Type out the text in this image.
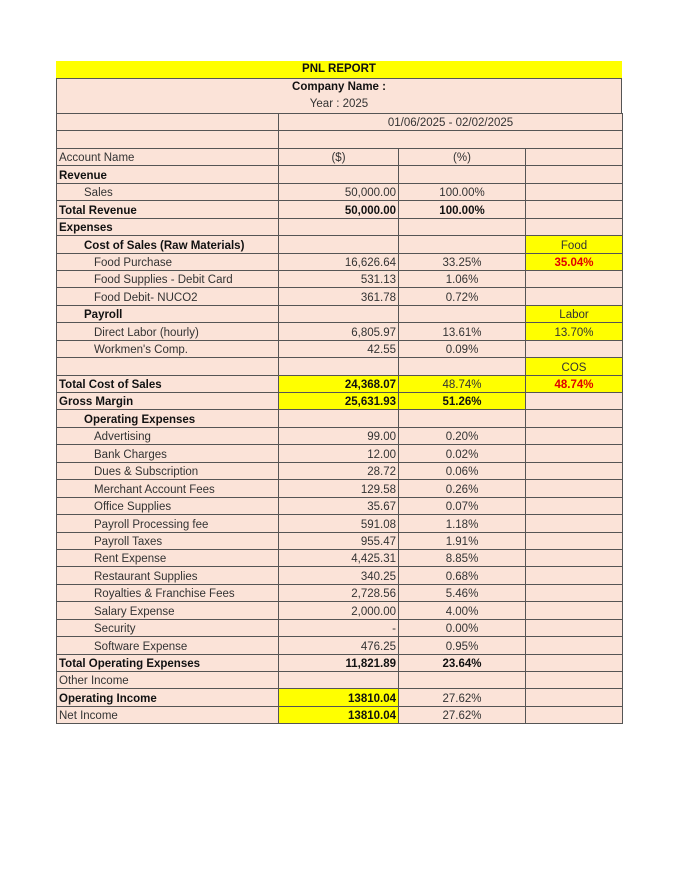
PNL REPORT
Company Name :
Year : 2025
	01/06/2025 - 02/02/2025		

Account Name	($)	(%)	
Revenue			
Sales	50,000.00	100.00%	
Total Revenue	50,000.00	100.00%	
Expenses			
Cost of Sales (Raw Materials)			Food
Food Purchase	16,626.64	33.25%	35.04%
Food Supplies - Debit Card	531.13	1.06%	
Food Debit- NUCO2	361.78	0.72%	
Payroll			Labor
Direct Labor (hourly)	6,805.97	13.61%	13.70%
Workmen's Comp.	42.55	0.09%	
			COS
Total Cost of Sales	24,368.07	48.74%	48.74%
Gross Margin	25,631.93	51.26%	
Operating Expenses			
Advertising	99.00	0.20%	
Bank Charges	12.00	0.02%	
Dues & Subscription	28.72	0.06%	
Merchant Account Fees	129.58	0.26%	
Office Supplies	35.67	0.07%	
Payroll Processing fee	591.08	1.18%	
Payroll Taxes	955.47	1.91%	
Rent Expense	4,425.31	8.85%	
Restaurant Supplies	340.25	0.68%	
Royalties & Franchise Fees	2,728.56	5.46%	
Salary Expense	2,000.00	4.00%	
Security	-	0.00%	
Software Expense	476.25	0.95%	
Total Operating Expenses	11,821.89	23.64%	
Other Income			
Operating Income	13810.04	27.62%	
Net Income	13810.04	27.62%	
